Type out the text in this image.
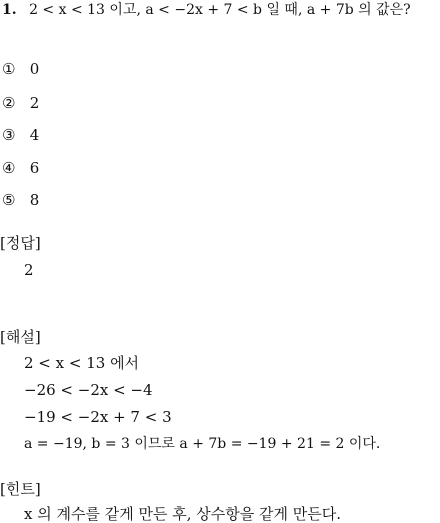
1. 2 < x < 13 이고, a < −2x + 7 < b 일 때, a + 7b 의 값은?
① 0
② 2
③ 4
④ 6
⑤ 8
[정답]
2
[해설]
2 < x < 13 에서
−26 < −2x < −4
−19 < −2x + 7 < 3
a = −19, b = 3 이므로 a + 7b = −19 + 21 = 2 이다.
[힌트]
x 의 계수를 같게 만든 후, 상수항을 같게 만든다.
